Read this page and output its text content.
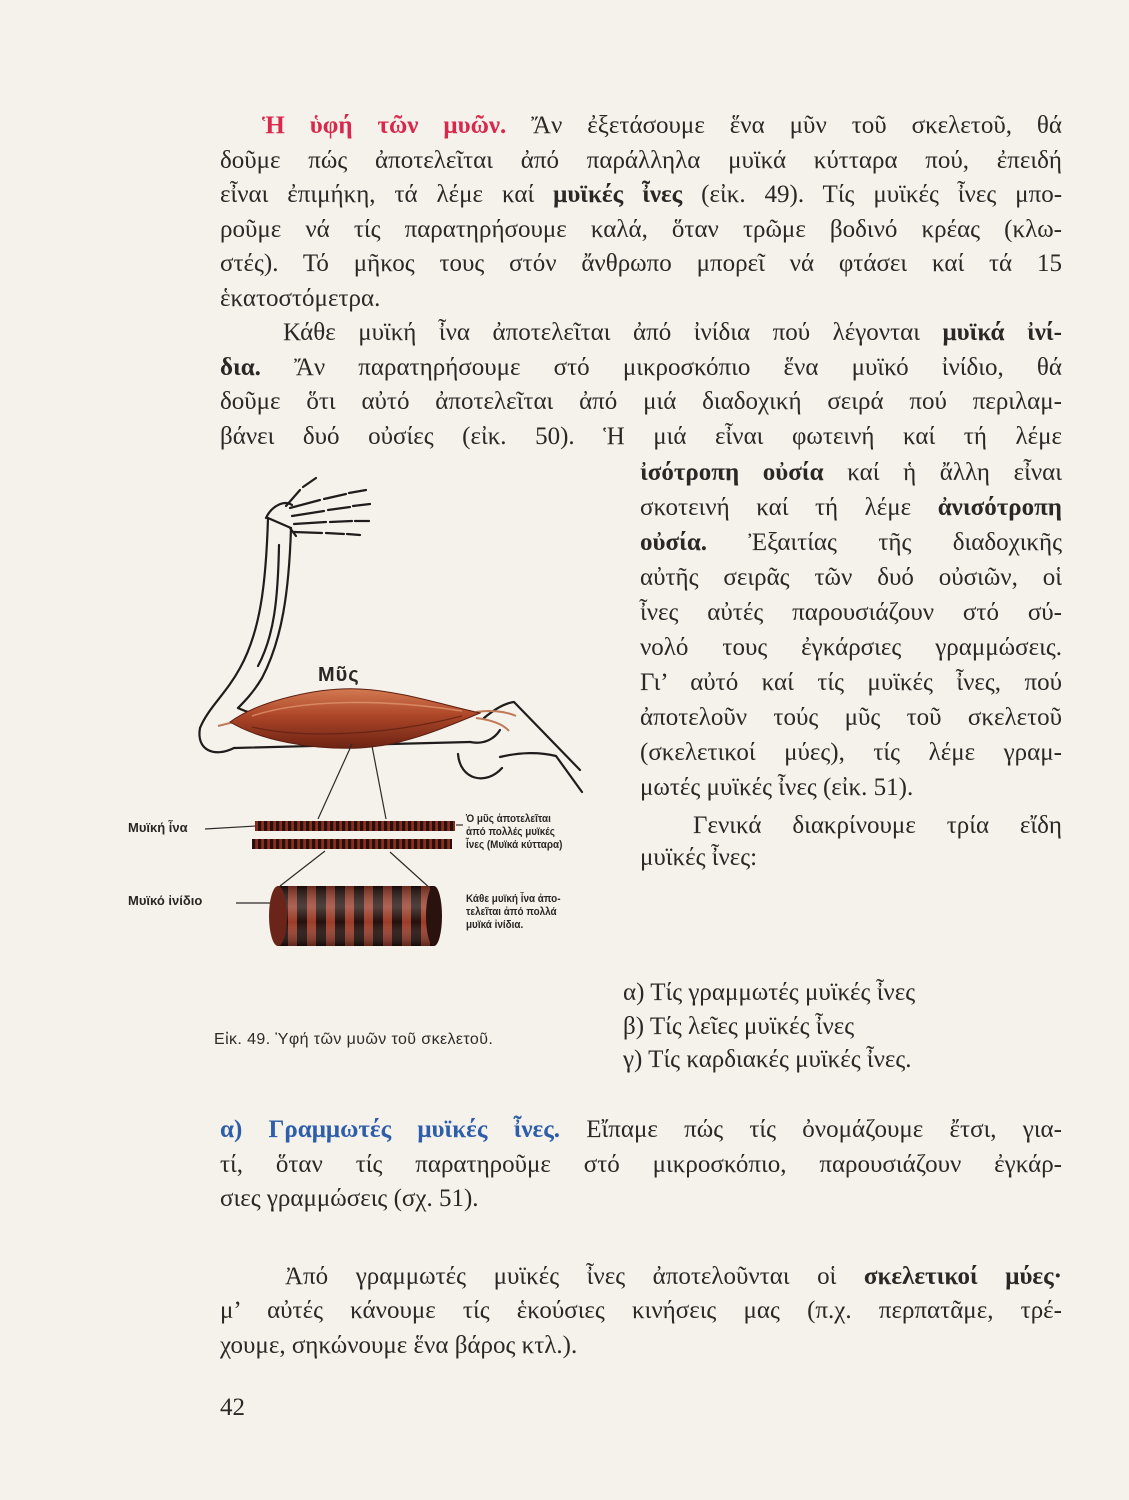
Ἡ ὑφή τῶν μυῶν. Ἄν ἐξετάσουμε ἕνα μῦν τοῦ σκελετοῦ, θά
δοῦμε πώς ἀποτελεῖται ἀπό παράλληλα μυϊκά κύτταρα πού, ἐπειδή
εἶναι ἐπιμήκη, τά λέμε καί μυϊκές ἶνες (εἰκ. 49). Τίς μυϊκές ἶνες μπο-
ροῦμε νά τίς παρατηρήσουμε καλά, ὅταν τρῶμε βοδινό κρέας (κλω-
στές). Τό μῆκος τους στόν ἄνθρωπο μπορεῖ νά φτάσει καί τά 15
ἑκατοστόμετρα.
Κάθε μυϊκή ἶνα ἀποτελεῖται ἀπό ἰνίδια πού λέγονται μυϊκά ἰνί-
δια. Ἄν παρατηρήσουμε στό μικροσκόπιο ἕνα μυϊκό ἰνίδιο, θά
δοῦμε ὅτι αὐτό ἀποτελεῖται ἀπό μιά διαδοχική σειρά πού περιλαμ-
βάνει δυό οὐσίες (εἰκ. 50). Ἡ μιά εἶναι φωτεινή καί τή λέμε
ἰσότροπη οὐσία καί ἡ ἄλλη εἶναι
σκοτεινή καί τή λέμε ἀνισότροπη
οὐσία. Ἐξαιτίας τῆς διαδοχικῆς
αὐτῆς σειρᾶς τῶν δυό οὐσιῶν, οἱ
ἶνες αὐτές παρουσιάζουν στό σύ-
νολό τους ἐγκάρσιες γραμμώσεις.
Γι’ αὐτό καί τίς μυϊκές ἶνες, πού
ἀποτελοῦν τούς μῦς τοῦ σκελετοῦ
(σκελετικοί μύες), τίς λέμε γραμ-
μωτές μυϊκές ἶνες (εἰκ. 51).
Γενικά διακρίνουμε τρία εἴδη
μυϊκές ἶνες:
α) Τίς γραμμωτές μυϊκές ἶνες
β) Τίς λεῖες μυϊκές ἶνες
γ) Τίς καρδιακές μυϊκές ἶνες.
α) Γραμμωτές μυϊκές ἶνες. Εἴπαμε πώς τίς ὀνομάζουμε ἔτσι, για-
τί, ὅταν τίς παρατηροῦμε στό μικροσκόπιο, παρουσιάζουν ἐγκάρ-
σιες γραμμώσεις (σχ. 51).
Ἀπό γραμμωτές μυϊκές ἶνες ἀποτελοῦνται οἱ σκελετικοί μύες·
μ’ αὐτές κάνουμε τίς ἑκούσιες κινήσεις μας (π.χ. περπατᾶμε, τρέ-
χουμε, σηκώνουμε ἕνα βάρος κτλ.).
42
Μῦς
Μυϊκή ἶνα
Μυϊκό ἰνίδιο
Ὁ μῦς ἀποτελεῖται
ἀπό πολλές μυϊκές
ἶνες (Μυϊκά κύτταρα)
Κάθε μυϊκή ἶνα ἀπο-
τελεῖται ἀπό πολλά
μυϊκά ἰνίδια.
Εἰκ. 49. Ὑφή τῶν μυῶν τοῦ σκελετοῦ.
